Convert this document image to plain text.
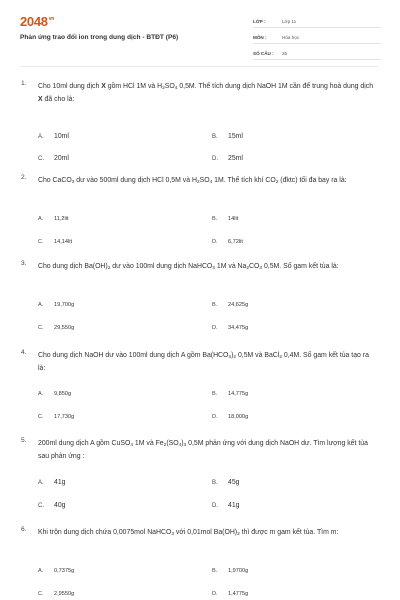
$2048^{vn}$
Phản ứng trao đổi ion trong dung dịch - BTĐT (P6)
LỚP :	Lớp 11
MÔN :	Hóa học
SỐ CÂU :	26
1. Cho 10ml dung dịch X gồm HCl 1M và $H_2SO_4$ 0,5M. Thể tích dung dịch NaOH 1M cần để trung hoà dung dịch X đã cho là:
A. 10ml	B. 15ml
C. 20ml	D. 25ml
2. Cho CaCO$_3$ dư vào 500ml dung dịch HCl 0,5M và $H_2SO_4$ 1M. Thể tích khí $CO_2$ (đktc) tối đa bay ra là:
A. 11,2lit	B. 14lit
C. 14,14lit	D. 6,72lit
3. Cho dung dịch $Ba(OH)_2$ dư vào 100ml dung dịch NaHCO$_3$ 1M và $Na_2CO_3$ 0,5M. Số gam kết tủa là:
A. 19,700g	B. 24,625g
C. 29,550g	D. 34,475g
4. Cho dung dịch NaOH dư vào 100ml dung dịch A gồm $Ba(HCO_3)_2$ 0,5M và BaCl$_2$ 0,4M. Số gam kết tủa tạo ra là:
A. 9,850g	B. 14,775g
C. 17,730g	D. 18,000g
5. 200ml dung dịch A gồm CuSO$_4$ 1M và $Fe_2(SO_4)_3$ 0,5M phản ứng với dung dịch NaOH dư. Tìm lượng kết tủa sau phản ứng :
A. 41g	B. 45g
C. 40g	D. 41g
6. Khi trộn dung dịch chứa 0,0075mol NaHCO$_3$ với 0,01mol $Ba(OH)_2$ thì được m gam kết tủa. Tìm m:
A. 0,7375g	B. 1,9700g
C. 2,9550g	D. 1,4775g
